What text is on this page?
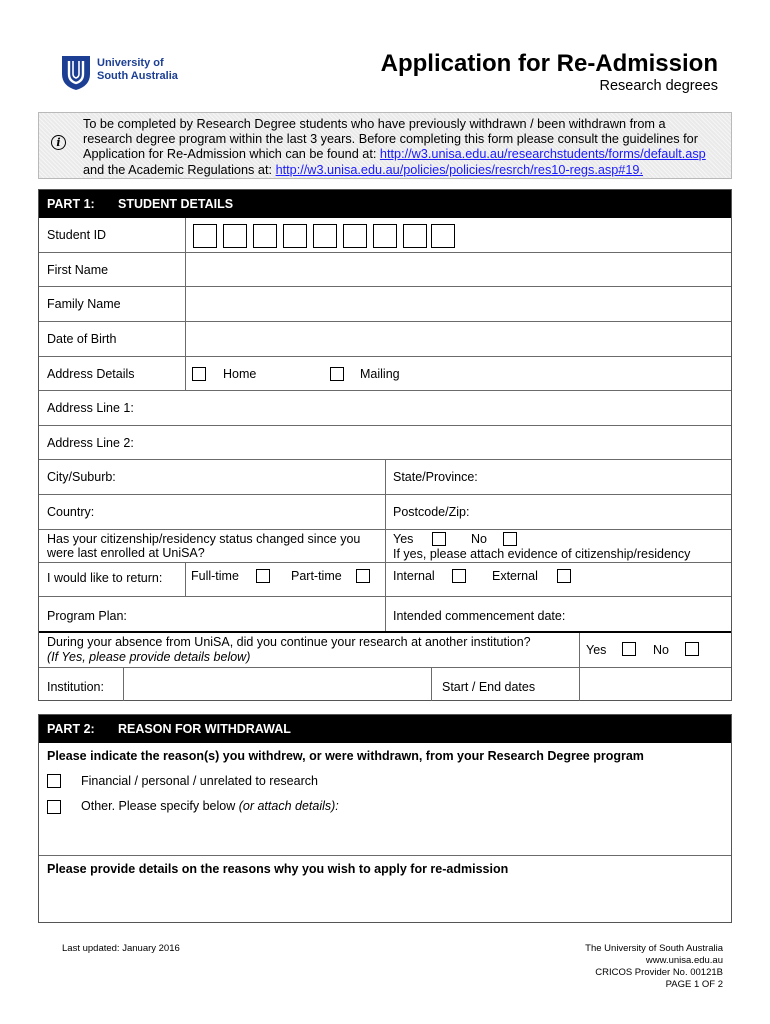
University of
South Australia	Application for Re-Admission
Research degrees
i
To be completed by Research Degree students who have previously withdrawn / been withdrawn from a
research degree program within the last 3 years. Before completing this form please consult the guidelines for
Application for Re-Admission which can be found at: http://w3.unisa.edu.au/researchstudents/forms/default.asp
and the Academic Regulations at: http://w3.unisa.edu.au/policies/policies/resrch/res10-regs.asp#19.
PART 1: STUDENT DETAILS
Student ID
First Name
Family Name
Date of Birth
Address Details	Home	Mailing
Address Line 1:
Address Line 2:
City/Suburb:	State/Province:
Country:	Postcode/Zip:
Has your citizenship/residency status changed since you
were last enrolled at UniSA?
Yes	No
If yes, please attach evidence of citizenship/residency
I would like to return: Full-time	Part-time	Internal	External
Program Plan:	Intended commencement date:
During your absence from UniSA, did you continue your research at another institution?
(If Yes, please provide details below)	Yes	No
Institution:	Start / End dates
PART 2: REASON FOR WITHDRAWAL
Please indicate the reason(s) you withdrew, or were withdrawn, from your Research Degree program
Financial / personal / unrelated to research
Other. Please specify below (or attach details):
Please provide details on the reasons why you wish to apply for re-admission
Last updated: January 2016	The University of South Australia
www.unisa.edu.au
CRICOS Provider No. 00121B
PAGE 1 OF 2
